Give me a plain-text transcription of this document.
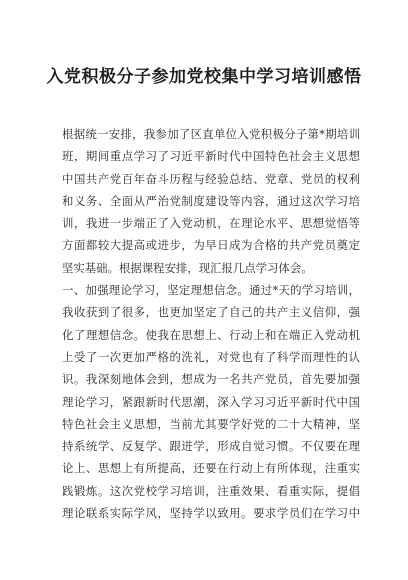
入党积极分子参加党校集中学习培训感悟
根据统一安排，我参加了区直单位入党积极分子第*期培训
班，期间重点学习了习近平新时代中国特色社会主义思想
中国共产党百年奋斗历程与经验总结、党章、党员的权利
和义务、全面从严治党制度建设等内容，通过这次学习培
训，我进一步端正了入党动机，在理论水平、思想觉悟等
方面都较大提高或进步，为早日成为合格的共产党员奠定
坚实基础。根据课程安排，现汇报几点学习体会。
一、加强理论学习，坚定理想信念。通过*天的学习培训，
我收获到了很多，也更加坚定了自己的共产主义信仰，强
化了理想信念。使我在思想上、行动上和在端正入党动机
上受了一次更加严格的洗礼，对党也有了科学而理性的认
识。我深刻地体会到，想成为一名共产党员，首先要加强
理论学习，紧跟新时代思潮，深入学习习近平新时代中国
特色社会主义思想，当前尤其要学好党的二十大精神，坚
持系统学、反复学、跟进学，形成自觉习惯。不仅要在理
论上、思想上有所提高，还要在行动上有所体现，注重实
践锻炼。这次党校学习培训，注重效果、看重实际，提倡
理论联系实际学风，坚持学以致用。要求学员们在学习中
